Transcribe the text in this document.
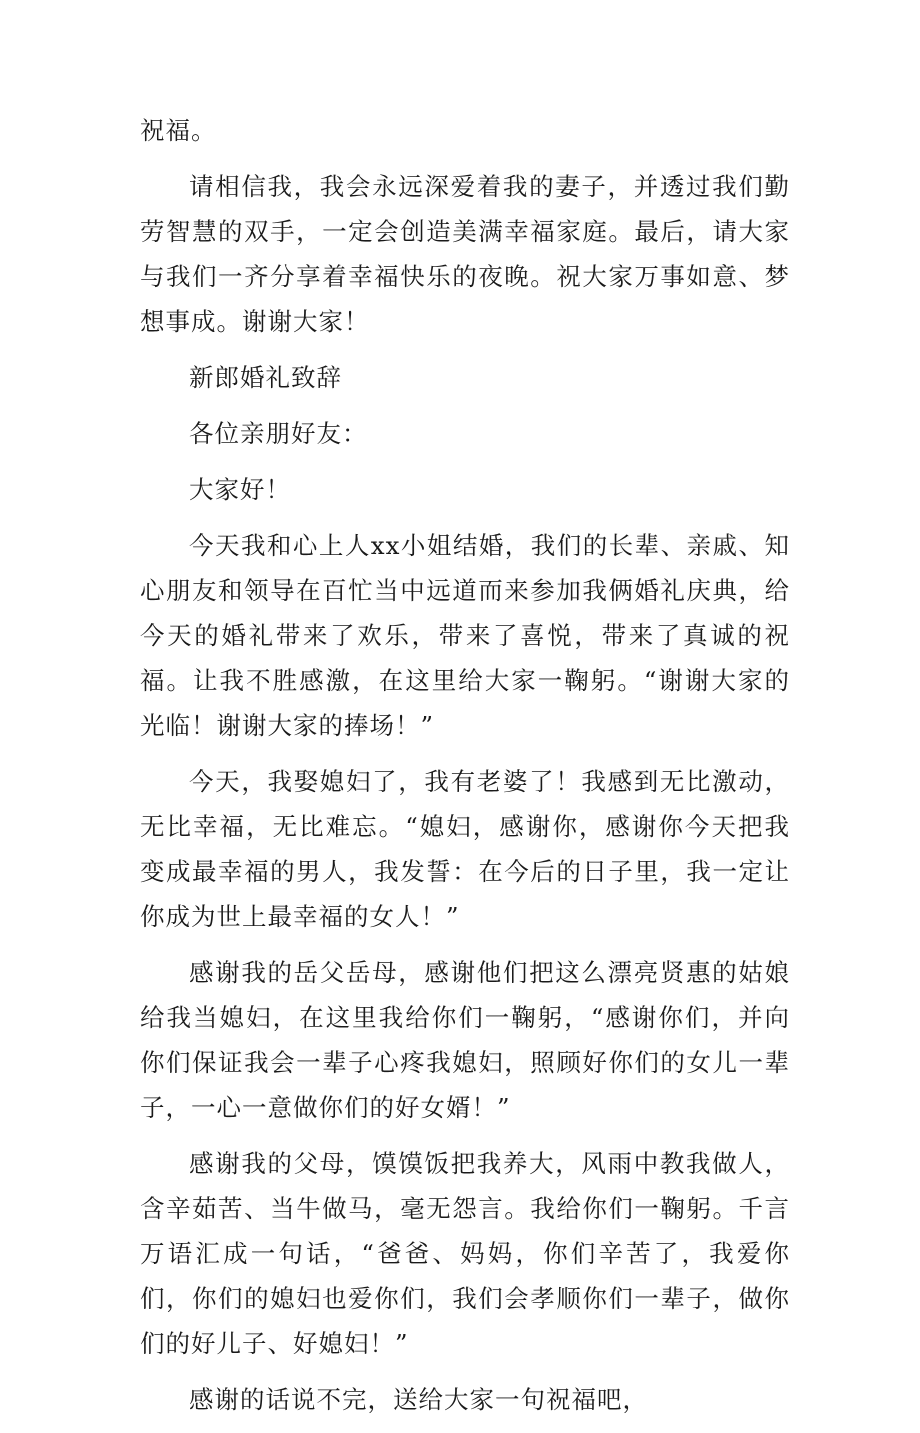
祝福。

请相信我，我会永远深爱着我的妻子，并透过我们勤劳智慧的双手，一定会创造美满幸福家庭。最后，请大家与我们一齐分享着幸福快乐的夜晚。祝大家万事如意、梦想事成。谢谢大家！

新郎婚礼致辞

各位亲朋好友：

大家好！

今天我和心上人xx小姐结婚，我们的长辈、亲戚、知心朋友和领导在百忙当中远道而来参加我俩婚礼庆典，给今天的婚礼带来了欢乐，带来了喜悦，带来了真诚的祝福。让我不胜感激，在这里给大家一鞠躬。“谢谢大家的光临！谢谢大家的捧场！”

今天，我娶媳妇了，我有老婆了！我感到无比激动，无比幸福，无比难忘。“媳妇，感谢你，感谢你今天把我变成最幸福的男人，我发誓：在今后的日子里，我一定让你成为世上最幸福的女人！”

感谢我的岳父岳母，感谢他们把这么漂亮贤惠的姑娘给我当媳妇，在这里我给你们一鞠躬，“感谢你们，并向你们保证我会一辈子心疼我媳妇，照顾好你们的女儿一辈子，一心一意做你们的好女婿！”

感谢我的父母，馍馍饭把我养大，风雨中教我做人，含辛茹苦、当牛做马，毫无怨言。我给你们一鞠躬。千言万语汇成一句话，“爸爸、妈妈，你们辛苦了，我爱你们，你们的媳妇也爱你们，我们会孝顺你们一辈子，做你们的好儿子、好媳妇！”

感谢的话说不完，送给大家一句祝福吧，
